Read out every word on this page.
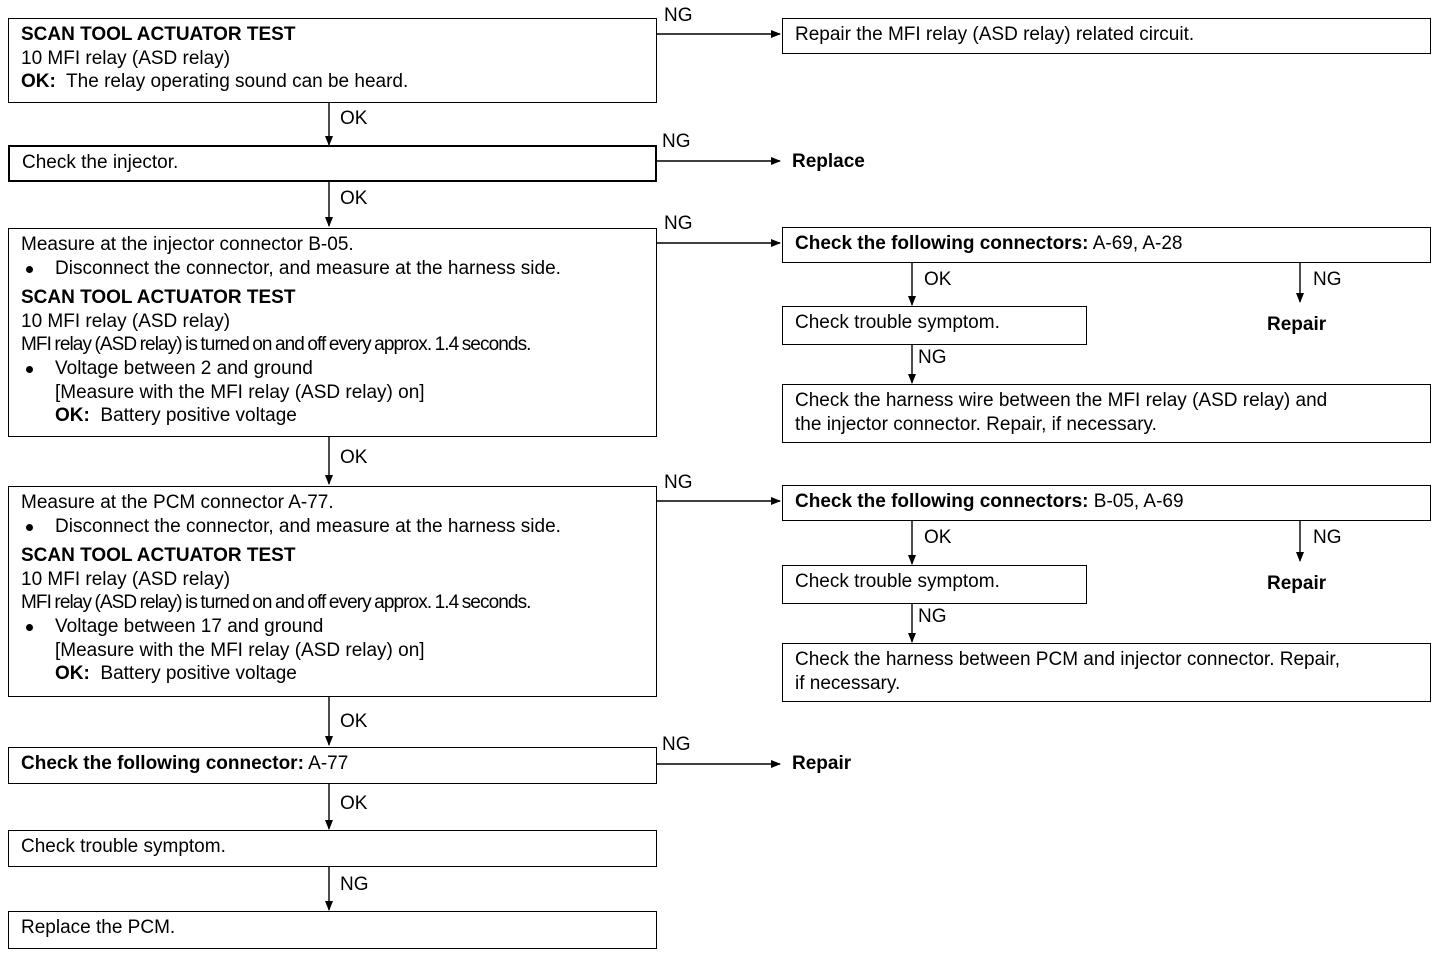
SCAN TOOL ACTUATOR TEST
10 MFI relay (ASD relay)
OK: The relay operating sound can be heard.
Repair the MFI relay (ASD relay) related circuit.
Check the injector.	Replace
Measure at the injector connector B-05.
Disconnect the connector, and measure at the harness side.
SCAN TOOL ACTUATOR TEST
10 MFI relay (ASD relay)
MFI relay (ASD relay) is turned on and off every approx. 1.4 seconds.
Voltage between 2 and ground
[Measure with the MFI relay (ASD relay) on]
OK: Battery positive voltage
Check the following connectors: A-69, A-28
Check trouble symptom.	Repair
Check the harness wire between the MFI relay (ASD relay) and
the injector connector. Repair, if necessary.
Measure at the PCM connector A-77.
Disconnect the connector, and measure at the harness side.
SCAN TOOL ACTUATOR TEST
10 MFI relay (ASD relay)
MFI relay (ASD relay) is turned on and off every approx. 1.4 seconds.
Voltage between 17 and ground
[Measure with the MFI relay (ASD relay) on]
OK: Battery positive voltage
Check the following connectors: B-05, A-69
Check trouble symptom.	Repair
Check the harness between PCM and injector connector. Repair,
if necessary.
Check the following connector: A-77	Repair
Check trouble symptom.
Replace the PCM.
NG
OK
NG
OK
NG
OK
NG
OK
NG
OK
NG
OK	NG
NG
OK	NG
NG
